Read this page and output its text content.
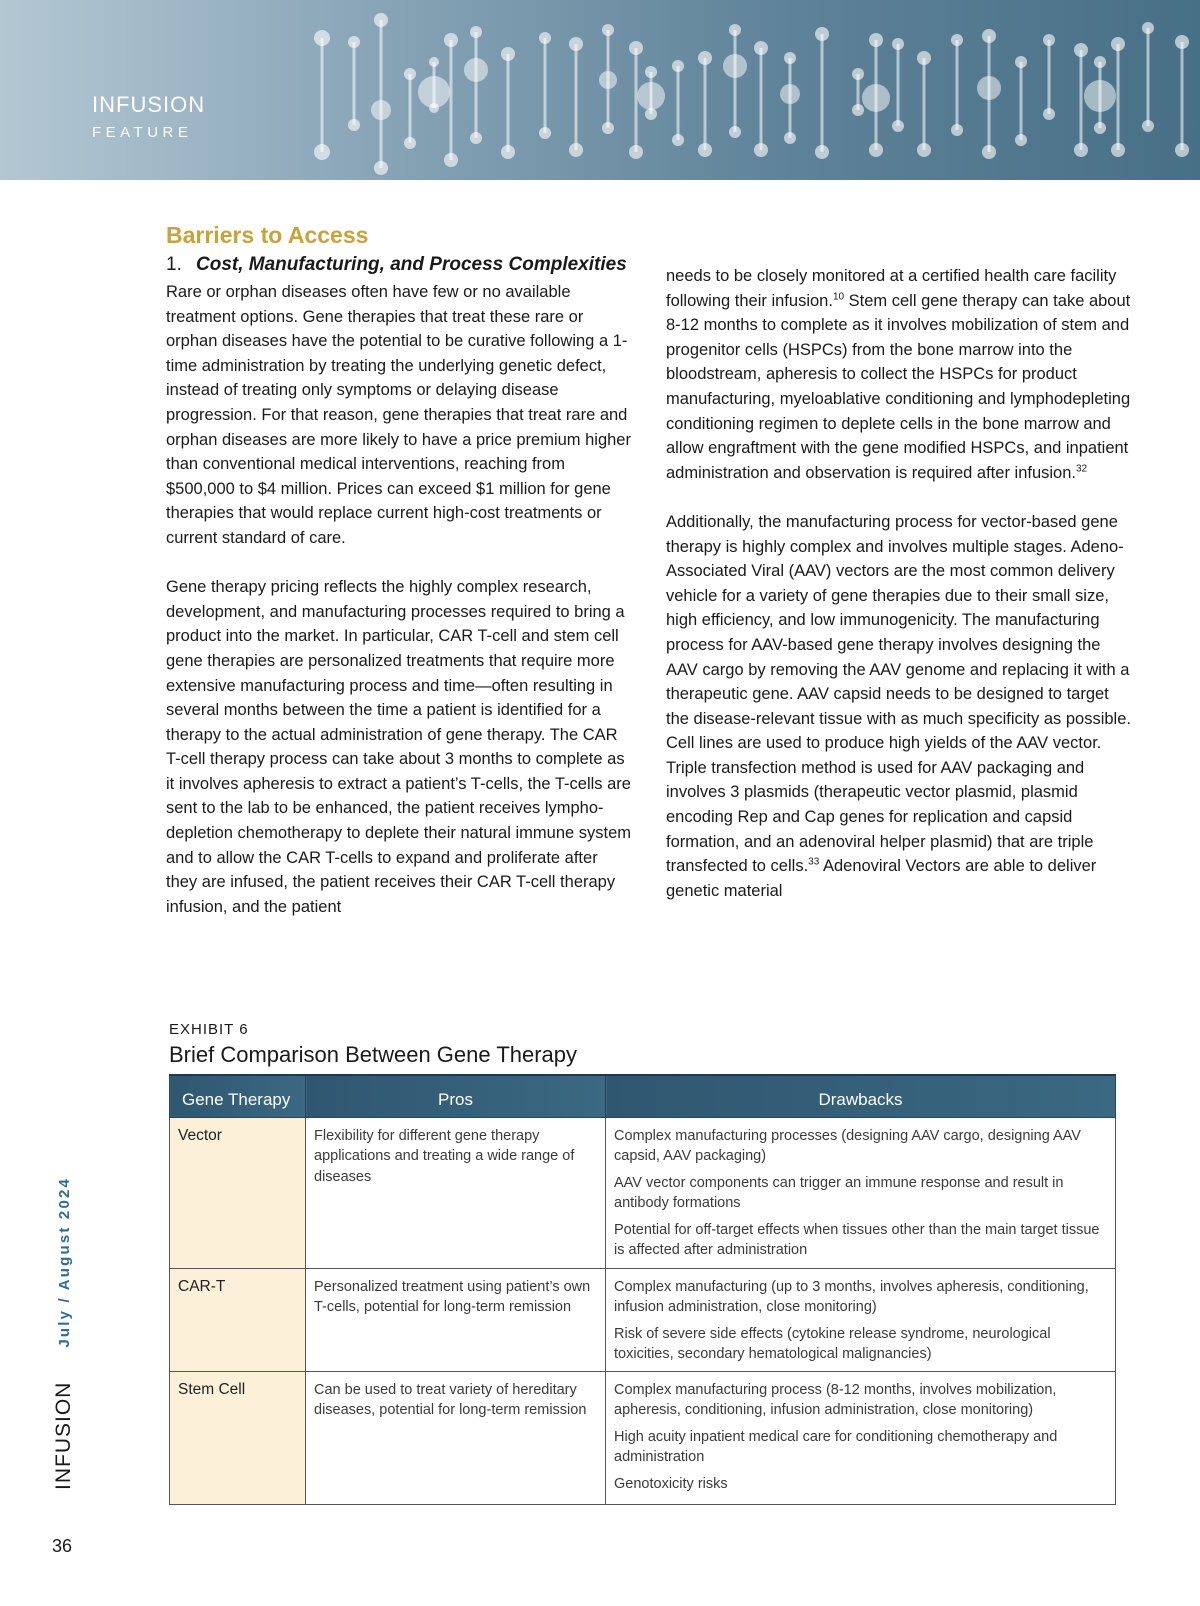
INFUSION
FEATURE
Barriers to Access
1. Cost, Manufacturing, and Process Complexities

Rare or orphan diseases often have few or no available treatment options. Gene therapies that treat these rare or orphan diseases have the potential to be curative following a 1-time administration by treating the underlying genetic defect, instead of treating only symptoms or delaying disease progression. For that reason, gene therapies that treat rare and orphan diseases are more likely to have a price premium higher than conventional medical interventions, reaching from $500,000 to $4 million. Prices can exceed $1 million for gene therapies that would replace current high-cost treatments or current standard of care.

Gene therapy pricing reflects the highly complex research, development, and manufacturing processes required to bring a product into the market. In particular, CAR T-cell and stem cell gene therapies are personalized treatments that require more extensive manufacturing process and time—often resulting in several months between the time a patient is identified for a therapy to the actual administration of gene therapy. The CAR T-cell therapy process can take about 3 months to complete as it involves apheresis to extract a patient’s T-cells, the T-cells are sent to the lab to be enhanced, the patient receives lympho-depletion chemotherapy to deplete their natural immune system and to allow the CAR T-cells to expand and proliferate after they are infused, the patient receives their CAR T-cell therapy infusion, and the patient

needs to be closely monitored at a certified health care facility following their infusion.$^{10}$ Stem cell gene therapy can take about 8-12 months to complete as it involves mobilization of stem and progenitor cells (HSPCs) from the bone marrow into the bloodstream, apheresis to collect the HSPCs for product manufacturing, myeloablative conditioning and lymphodepleting conditioning regimen to deplete cells in the bone marrow and allow engraftment with the gene modified HSPCs, and inpatient administration and observation is required after infusion.$^{32}$

Additionally, the manufacturing process for vector-based gene therapy is highly complex and involves multiple stages. Adeno-Associated Viral (AAV) vectors are the most common delivery vehicle for a variety of gene therapies due to their small size, high efficiency, and low immunogenicity. The manufacturing process for AAV-based gene therapy involves designing the AAV cargo by removing the AAV genome and replacing it with a therapeutic gene. AAV capsid needs to be designed to target the disease-relevant tissue with as much specificity as possible. Cell lines are used to produce high yields of the AAV vector. Triple transfection method is used for AAV packaging and involves 3 plasmids (therapeutic vector plasmid, plasmid encoding Rep and Cap genes for replication and capsid formation, and an adenoviral helper plasmid) that are triple transfected to cells.$^{33}$ Adenoviral Vectors are able to deliver genetic material

EXHIBIT 6
Brief Comparison Between Gene Therapy
Gene Therapy	Pros	Drawbacks
Vector	Flexibility for different gene therapy applications and treating a wide range of diseases	Complex manufacturing processes (designing AAV cargo, designing AAV capsid, AAV packaging)
AAV vector components can trigger an immune response and result in antibody formations
Potential for off-target effects when tissues other than the main target tissue is affected after administration

CAR-T	Personalized treatment using patient’s own T-cells, potential for long-term remission	Complex manufacturing (up to 3 months, involves apheresis, conditioning, infusion administration, close monitoring)
Risk of severe side effects (cytokine release syndrome, neurological toxicities, secondary hematological malignancies)

Stem Cell	Can be used to treat variety of hereditary diseases, potential for long-term remission	Complex manufacturing process (8-12 months, involves mobilization, apheresis, conditioning, infusion administration, close monitoring)
High acuity inpatient medical care for conditioning chemotherapy and administration
Genotoxicity risks
INFUSION
July / August 2024
36
